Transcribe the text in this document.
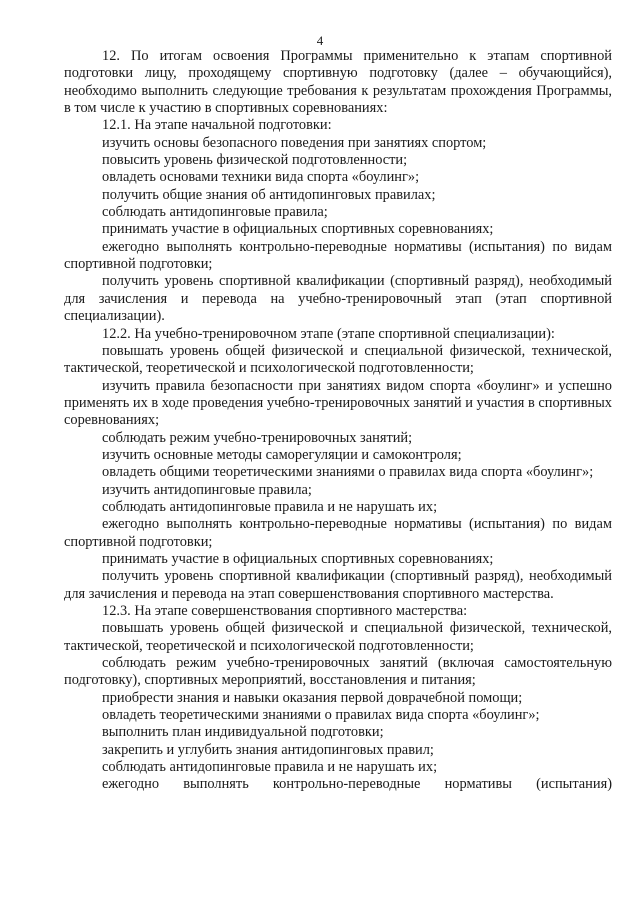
4

12. По итогам освоения Программы применительно к этапам спортивной подготовки лицу, проходящему спортивную подготовку (далее – обучающийся), необходимо выполнить следующие требования к результатам прохождения Программы, в том числе к участию в спортивных соревнованиях:

12.1. На этапе начальной подготовки:

изучить основы безопасного поведения при занятиях спортом;

повысить уровень физической подготовленности;

овладеть основами техники вида спорта «боулинг»;

получить общие знания об антидопинговых правилах;

соблюдать антидопинговые правила;

принимать участие в официальных спортивных соревнованиях;

ежегодно выполнять контрольно-переводные нормативы (испытания) по видам спортивной подготовки;

получить уровень спортивной квалификации (спортивный разряд), необходимый для зачисления и перевода на учебно-тренировочный этап (этап спортивной специализации).

12.2. На учебно-тренировочном этапе (этапе спортивной специализации):

повышать уровень общей физической и специальной физической, технической, тактической, теоретической и психологической подготовленности;

изучить правила безопасности при занятиях видом спорта «боулинг» и успешно применять их в ходе проведения учебно-тренировочных занятий и участия в спортивных соревнованиях;

соблюдать режим учебно-тренировочных занятий;

изучить основные методы саморегуляции и самоконтроля;

овладеть общими теоретическими знаниями о правилах вида спорта «боулинг»;

изучить антидопинговые правила;

соблюдать антидопинговые правила и не нарушать их;

ежегодно выполнять контрольно-переводные нормативы (испытания) по видам спортивной подготовки;

принимать участие в официальных спортивных соревнованиях;

получить уровень спортивной квалификации (спортивный разряд), необходимый для зачисления и перевода на этап совершенствования спортивного мастерства.

12.3. На этапе совершенствования спортивного мастерства:

повышать уровень общей физической и специальной физической, технической, тактической, теоретической и психологической подготовленности;

соблюдать режим учебно-тренировочных занятий (включая самостоятельную подготовку), спортивных мероприятий, восстановления и питания;

приобрести знания и навыки оказания первой доврачебной помощи;

овладеть теоретическими знаниями о правилах вида спорта «боулинг»;

выполнить план индивидуальной подготовки;

закрепить и углубить знания антидопинговых правил;

соблюдать антидопинговые правила и не нарушать их;

ежегодно выполнять контрольно-переводные нормативы (испытания)
